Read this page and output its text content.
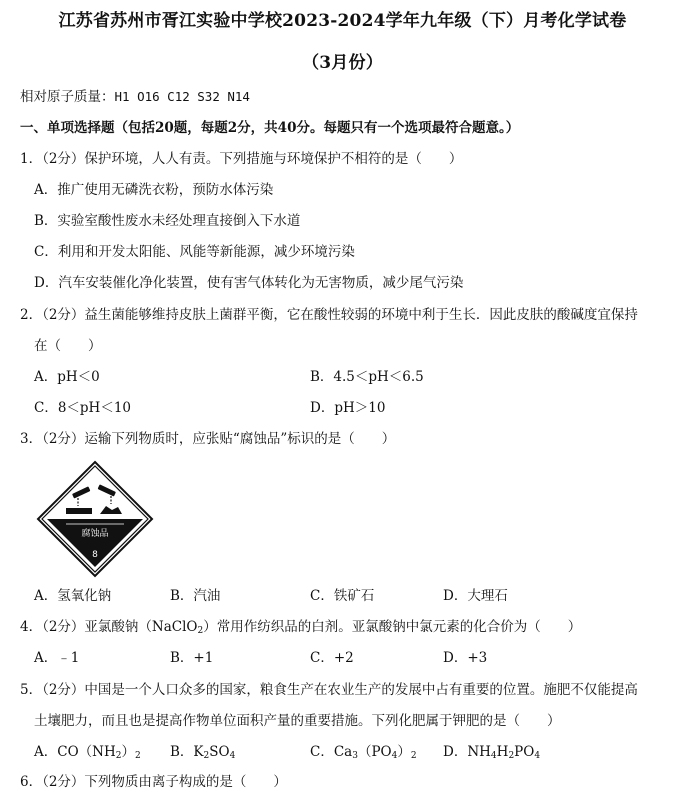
江苏省苏州市胥江实验中学校2023-2024学年九年级（下）月考化学试卷
（3月份）
相对原子质量：H1 O16 C12 S32 N14
一、单项选择题（包括20题，每题2分，共40分。每题只有一个选项最符合题意。）
1．（2分）保护环境，人人有责。下列措施与环境保护不相符的是（　　）
A．推广使用无磷洗衣粉，预防水体污染
B．实验室酸性废水未经处理直接倒入下水道
C．利用和开发太阳能、风能等新能源，减少环境污染
D．汽车安装催化净化装置，使有害气体转化为无害物质，减少尾气污染
2．（2分）益生菌能够维持皮肤上菌群平衡，它在酸性较弱的环境中利于生长．因此皮肤的酸碱度宜保持
在（　　）
A．pH＜0	B．4.5＜pH＜6.5
C．8＜pH＜10	D．pH＞10
3．（2分）运输下列物质时，应张贴“腐蚀品”标识的是（　　）
腐蚀品
8
A．氢氧化钠	B．汽油	C．铁矿石	D．大理石
4．（2分）亚氯酸钠（NaClO$_2$）常用作纺织品的白剂。亚氯酸钠中氯元素的化合价为（　　）
A．﹣1	B．+1	C．+2	D．+3
5．（2分）中国是一个人口众多的国家，粮食生产在农业生产的发展中占有重要的位置。施肥不仅能提高
土壤肥力，而且也是提高作物单位面积产量的重要措施。下列化肥属于钾肥的是（　　）
A．$CO(NH_2)_2$ B．$K_2SO_4$	C．$Ca_3(PO_4)_2$ D．$NH_4H_2PO_4$
6．（2分）下列物质由离子构成的是（　　）
